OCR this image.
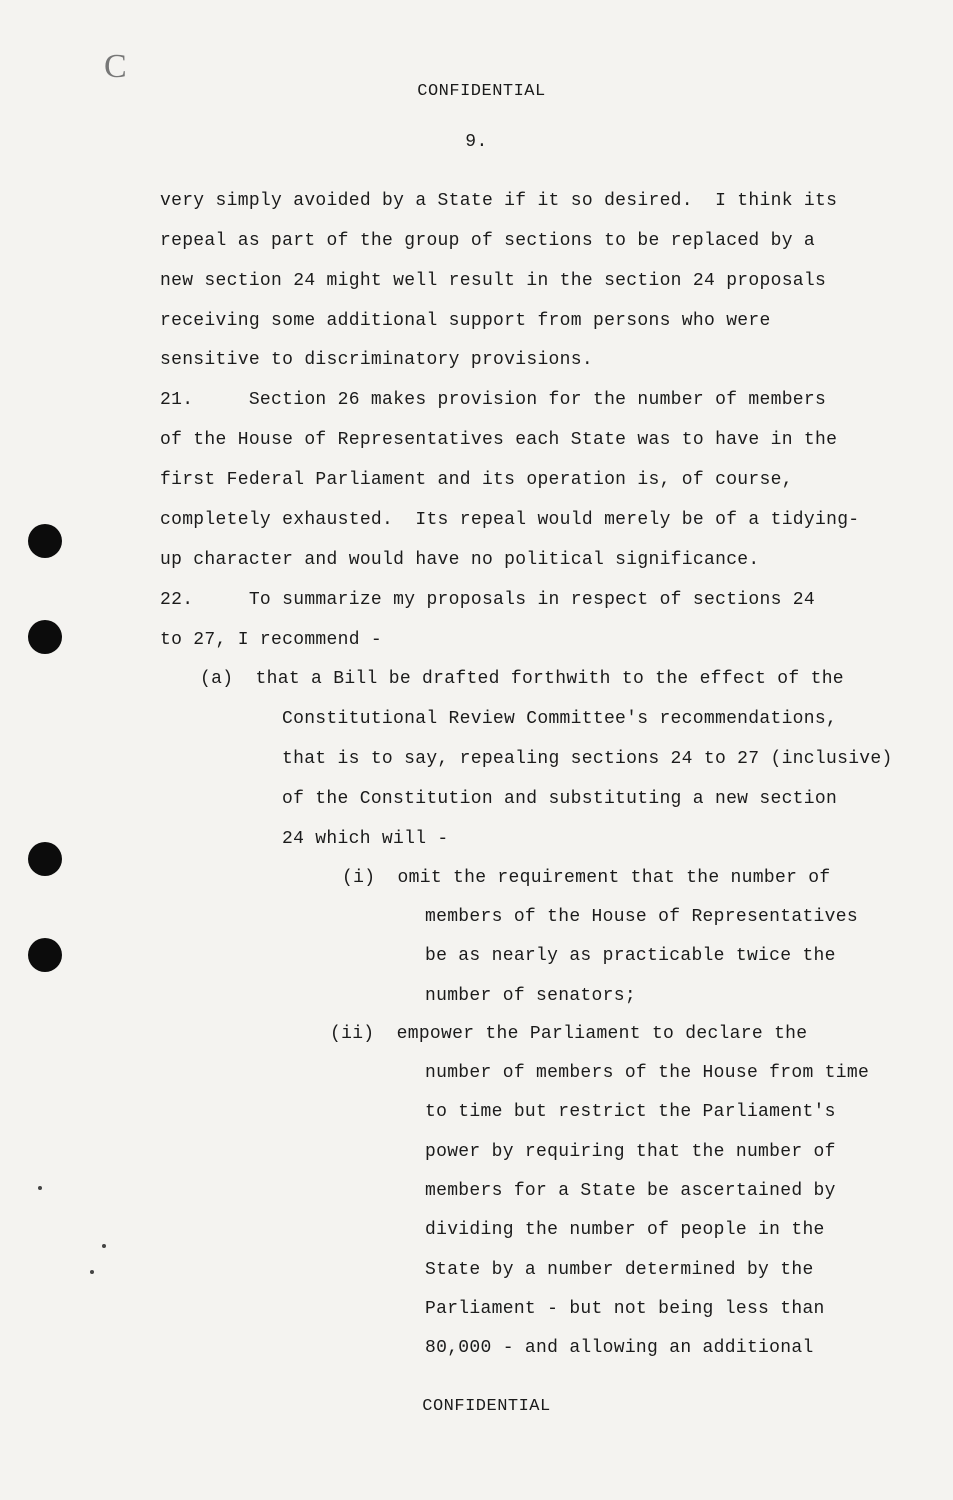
C
CONFIDENTIAL
9.
very simply avoided by a State if it so desired.  I think its
repeal as part of the group of sections to be replaced by a
new section 24 might well result in the section 24 proposals
receiving some additional support from persons who were
sensitive to discriminatory provisions.
21.     Section 26 makes provision for the number of members
of the House of Representatives each State was to have in the
first Federal Parliament and its operation is, of course,
completely exhausted.  Its repeal would merely be of a tidying-
up character and would have no political significance.
22.     To summarize my proposals in respect of sections 24
to 27, I recommend -
(a)  that a Bill be drafted forthwith to the effect of the
Constitutional Review Committee's recommendations,
that is to say, repealing sections 24 to 27 (inclusive)
of the Constitution and substituting a new section
24 which will -
(i)  omit the requirement that the number of
members of the House of Representatives
be as nearly as practicable twice the
number of senators;
(ii)  empower the Parliament to declare the
number of members of the House from time
to time but restrict the Parliament's
power by requiring that the number of
members for a State be ascertained by
dividing the number of people in the
State by a number determined by the
Parliament - but not being less than
80,000 - and allowing an additional
CONFIDENTIAL
